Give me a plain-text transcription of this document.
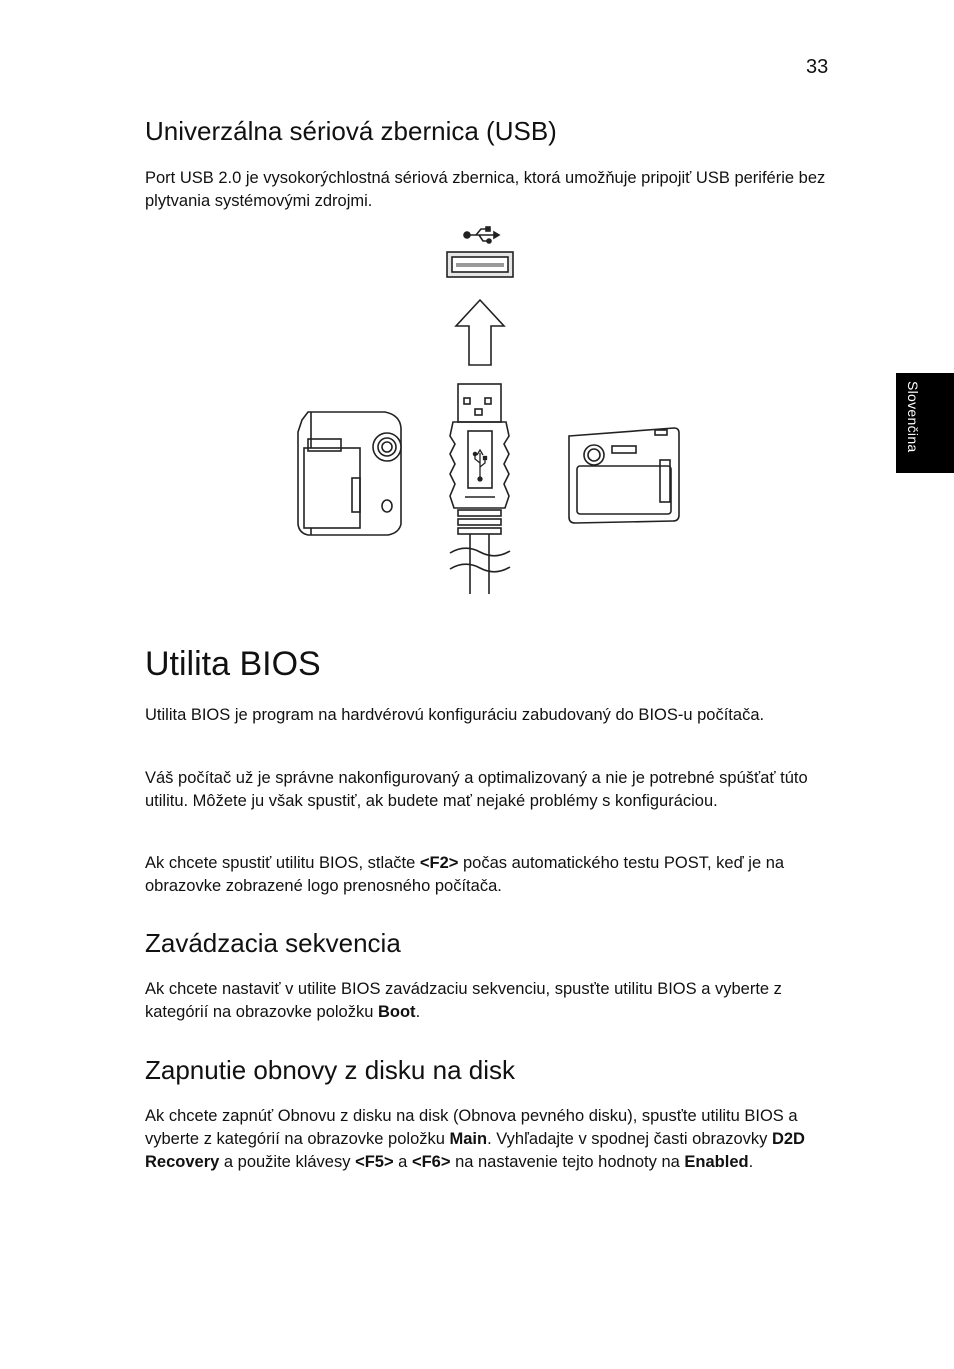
33
Slovenčina
Univerzálna sériová zbernica (USB)

Port USB 2.0 je vysokorýchlostná sériová zbernica, ktorá umožňuje pripojiť USB periférie bez plytvania systémovými zdrojmi.

Utilita BIOS

Utilita BIOS je program na hardvérovú konfiguráciu zabudovaný do BIOS-u počítača.

Váš počítač už je správne nakonfigurovaný a optimalizovaný a nie je potrebné spúšťať túto utilitu. Môžete ju však spustiť, ak budete mať nejaké problémy s konfiguráciou.

Ak chcete spustiť utilitu BIOS, stlačte <F2> počas automatického testu POST, keď je na obrazovke zobrazené logo prenosného počítača.

Zavádzacia sekvencia

Ak chcete nastaviť v utilite BIOS zavádzaciu sekvenciu, spusťte utilitu BIOS a vyberte z kategórií na obrazovke položku Boot.

Zapnutie obnovy z disku na disk

Ak chcete zapnúť Obnovu z disku na disk (Obnova pevného disku), spusťte utilitu BIOS a vyberte z kategórií na obrazovke položku Main. Vyhľadajte v spodnej časti obrazovky D2D Recovery a použite klávesy <F5> a <F6> na nastavenie tejto hodnoty na Enabled.
